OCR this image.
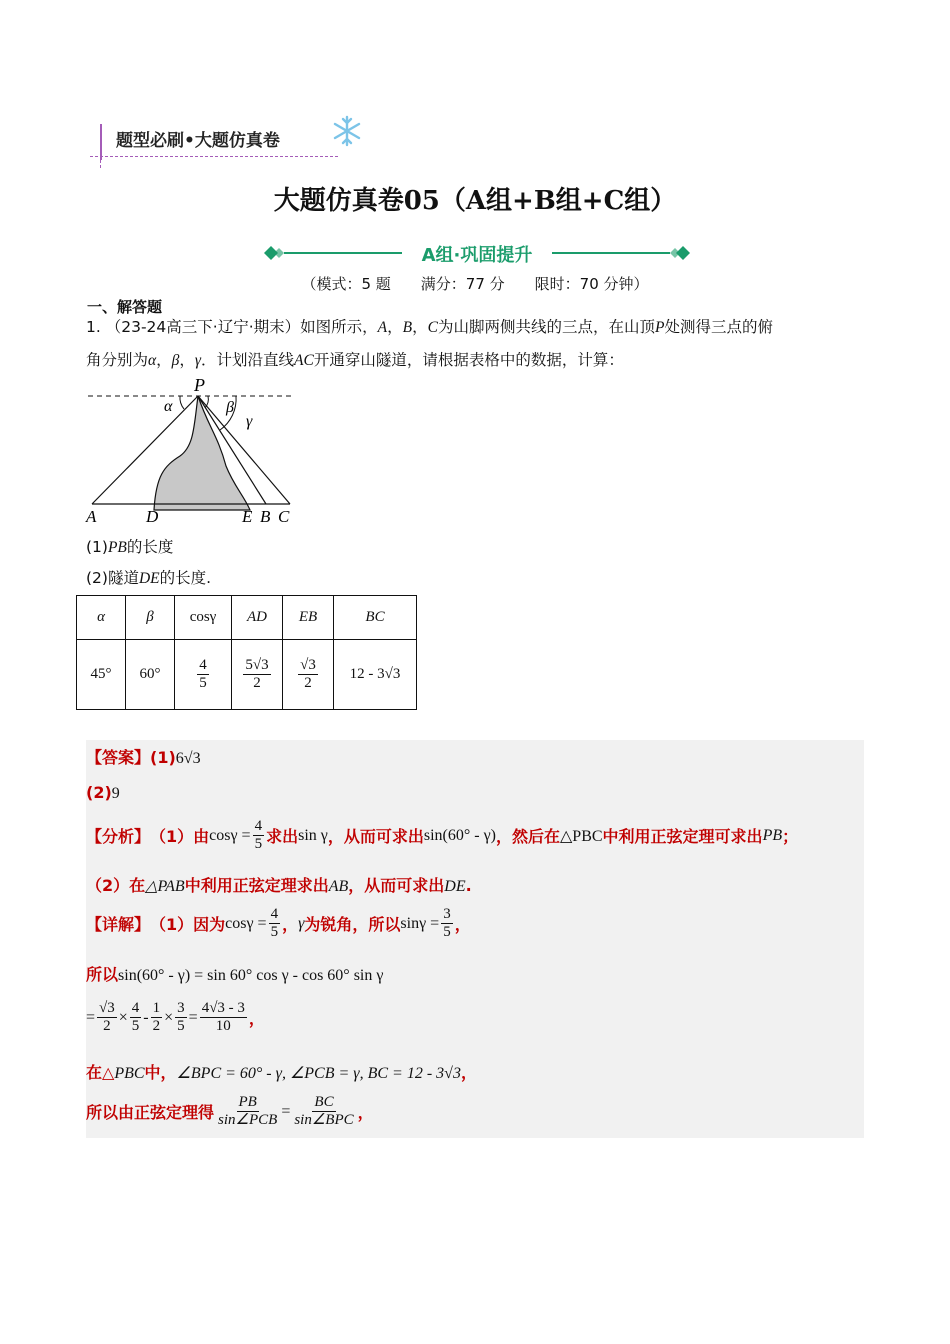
题型必刷•大题仿真卷
大题仿真卷05（A组+B组+C组）
A组·巩固提升
（模式：5 题　　满分：77 分　　限时：70 分钟）
一、解答题
1. （23-24高三下·辽宁·期末）如图所示，A，B，C为山脚两侧共线的三点，在山顶P处测得三点的俯
角分别为α，β，γ．计划沿直线AC开通穿山隧道，请根据表格中的数据，计算：
P
α	β
γ
A	D	E B C
(1)PB的长度
(2)隧道DE的长度.
α	β	cosγ	AD	EB	BC
45°	60°	$\frac{4}{5}$	$\frac{5√3}{2}$	$\frac{√3}{2}$	12 - 3√3
【答案】(1)6√3
(2)9
【分析】 （1）由 $\cos\gamma = \frac{4}{5}$ 求出 sin γ ，从而可求出 sin(60° - γ) ，然后在 △PBC 中利用正弦定理可求出 PB ；
（2）在△PAB中利用正弦定理求出AB，从而可求出DE.
【详解】 （1）因为 $\cos\gamma = \frac{4}{5}$ ， γ 为锐角，所以 $\sin\gamma = \frac{3}{5}$ ，
所以sin(60° - γ) = sin 60° cos γ - cos 60° sin γ
= $\frac{√3}{2} \times \frac{4}{5} - \frac{1}{2} \times \frac{3}{5} = \frac{4√3 - 3}{10}$ ，
在△PBC中，∠BPC = 60° - γ, ∠PCB = γ, BC = 12 - 3√3，
所以由正弦定理得 $\frac{PB}{\text{sin∠PCB}} = \frac{BC}{\text{sin∠BPC}}$ ，
